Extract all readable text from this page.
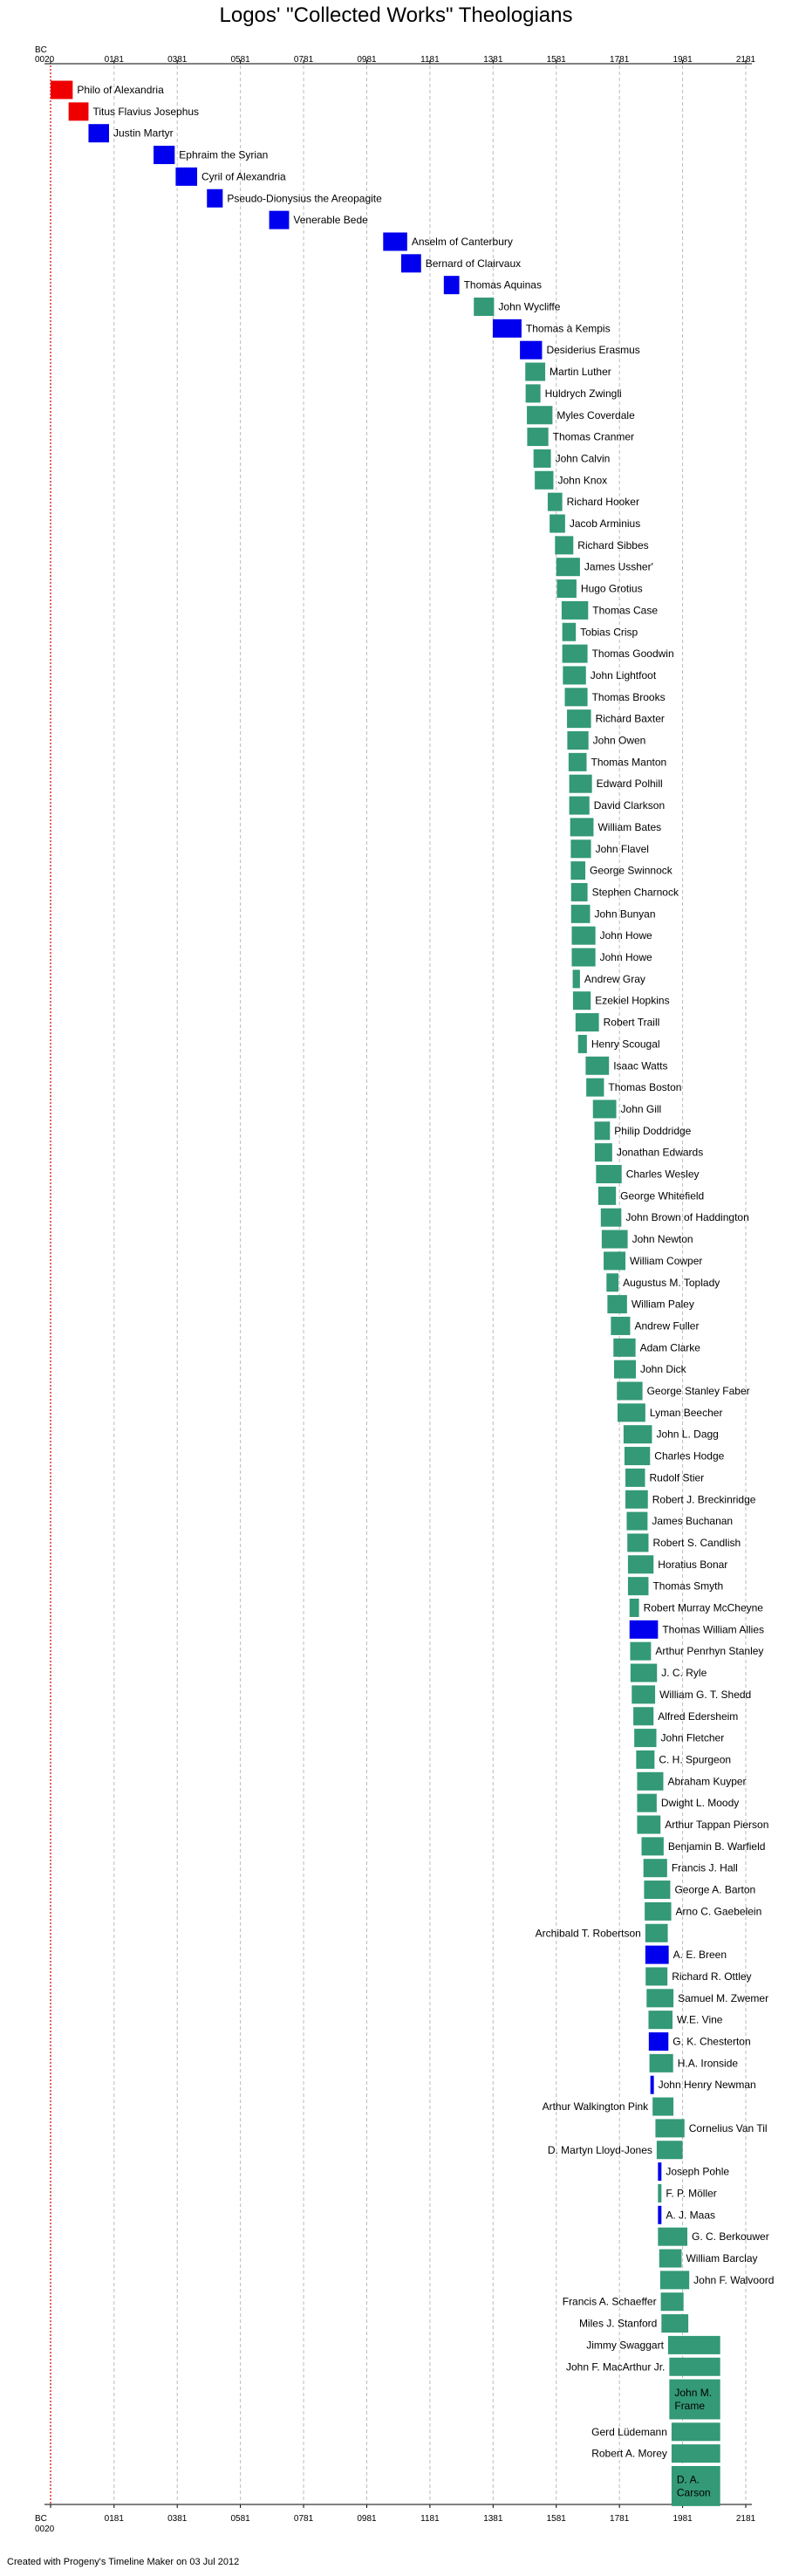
Logos' "Collected Works" Theologians
BC
0020	0181	0381	0581	0781	0981	1181	1381	1581	1781	1981	2181
BC
0020
0181	0381	0581	0781	0981	1181	1381	1581	1781	1981	2181
Philo of Alexandria
Titus Flavius Josephus
Justin Martyr
Ephraim the Syrian
Cyril of Alexandria
Pseudo-Dionysius the Areopagite
Venerable Bede
Anselm of Canterbury
Bernard of Clairvaux
Thomas Aquinas
John Wycliffe
Thomas à Kempis
Desiderius Erasmus
Martin Luther
Huldrych Zwingli
Myles Coverdale
Thomas Cranmer
John Calvin
John Knox
Richard Hooker
Jacob Arminius
Richard Sibbes
James Ussher'
Hugo Grotius
Thomas Case
Tobias Crisp
Thomas Goodwin
John Lightfoot
Thomas Brooks
Richard Baxter
John Owen
Thomas Manton
Edward Polhill
David Clarkson
William Bates
John Flavel
George Swinnock
Stephen Charnock
John Bunyan
John Howe
John Howe
Andrew Gray
Ezekiel Hopkins
Robert Traill
Henry Scougal
Isaac Watts
Thomas Boston
John Gill
Philip Doddridge
Jonathan Edwards
Charles Wesley
George Whitefield
John Brown of Haddington
John Newton
William Cowper
Augustus M. Toplady
William Paley
Andrew Fuller
Adam Clarke
John Dick
George Stanley Faber
Lyman Beecher
John L. Dagg
Charles Hodge
Rudolf Stier
Robert J. Breckinridge
James Buchanan
Robert S. Candlish
Horatius Bonar
Thomas Smyth
Robert Murray McCheyne
Thomas William Allies
Arthur Penrhyn Stanley
J. C. Ryle
William G. T. Shedd
Alfred Edersheim
John Fletcher
C. H. Spurgeon
Abraham Kuyper
Dwight L. Moody
Arthur Tappan Pierson
Benjamin B. Warfield
Francis J. Hall
George A. Barton
Arno C. Gaebelein
Archibald T. Robertson
A. E. Breen
Richard R. Ottley
Samuel M. Zwemer
W.E. Vine
G. K. Chesterton
H.A. Ironside
John Henry Newman
Arthur Walkington Pink
Cornelius Van Til
D. Martyn Lloyd-Jones
Joseph Pohle
F. P. Möller
A. J. Maas
G. C. Berkouwer
William Barclay
John F. Walvoord
Francis A. Schaeffer
Miles J. Stanford
Jimmy Swaggart
John F. MacArthur Jr.
John M.
Frame
Gerd Lüdemann
Robert A. Morey
D. A.
Carson
Created with Progeny's Timeline Maker on 03 Jul 2012
